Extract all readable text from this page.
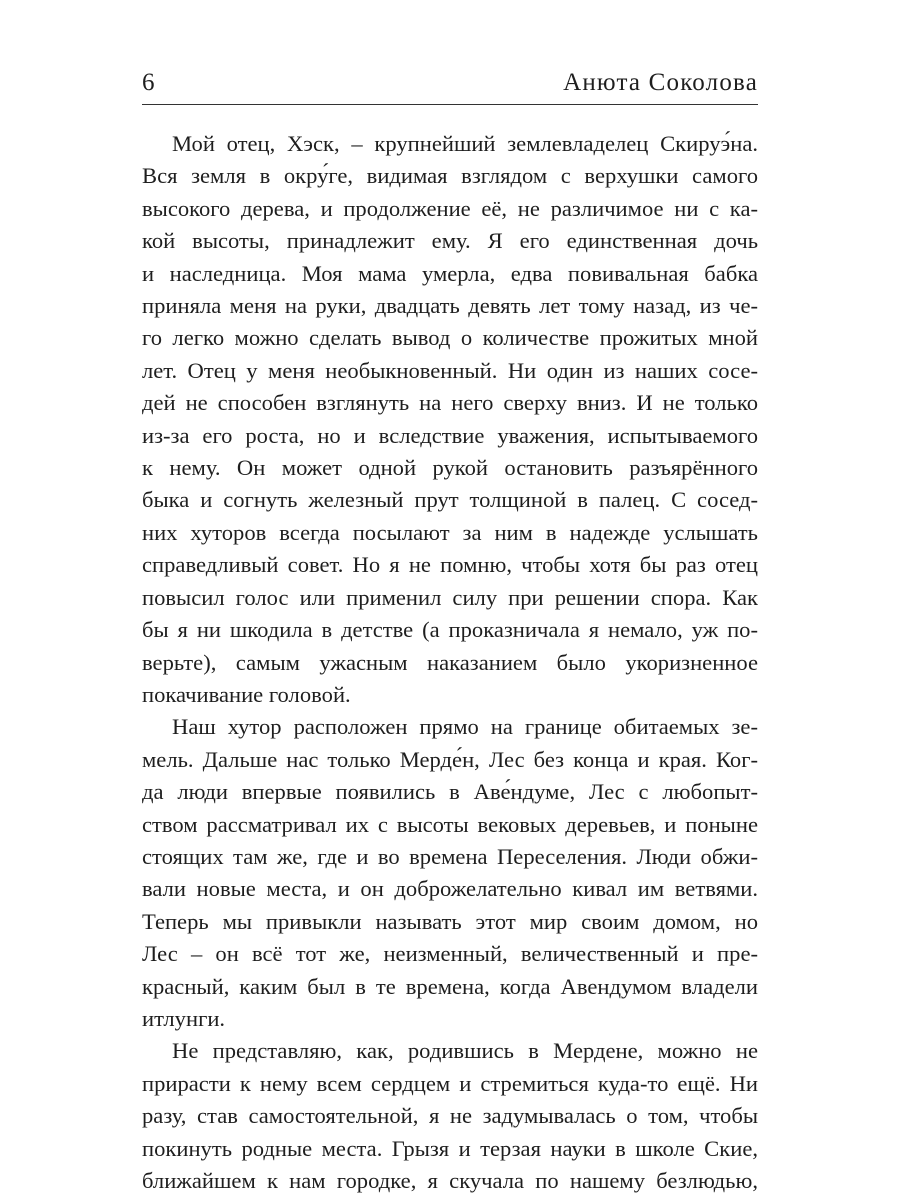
6	Анюта Соколова

Мой отец, Хэск, – крупнейший землевладелец Скируэ́на.
Вся земля в окру́ге, видимая взглядом с верхушки самого
высокого дерева, и продолжение её, не различимое ни с ка-
кой высоты, принадлежит ему. Я его единственная дочь
и наследница. Моя мама умерла, едва повивальная бабка
приняла меня на руки, двадцать девять лет тому назад, из че-
го легко можно сделать вывод о количестве прожитых мной
лет. Отец у меня необыкновенный. Ни один из наших сосе-
дей не способен взглянуть на него сверху вниз. И не только
из-за его роста, но и вследствие уважения, испытываемого
к нему. Он может одной рукой остановить разъярённого
быка и согнуть железный прут толщиной в палец. С сосед-
них хуторов всегда посылают за ним в надежде услышать
справедливый совет. Но я не помню, чтобы хотя бы раз отец
повысил голос или применил силу при решении спора. Как
бы я ни шкодила в детстве (а проказничала я немало, уж по-
верьте), самым ужасным наказанием было укоризненное
покачивание головой.

Наш хутор расположен прямо на границе обитаемых зе-
мель. Дальше нас только Мерде́н, Лес без конца и края. Ког-
да люди впервые появились в Аве́ндуме, Лес с любопыт-
ством рассматривал их с высоты вековых деревьев, и поныне
стоящих там же, где и во времена Переселения. Люди обжи-
вали новые места, и он доброжелательно кивал им ветвями.
Теперь мы привыкли называть этот мир своим домом, но
Лес – он всё тот же, неизменный, величественный и пре-
красный, каким был в те времена, когда Авендумом владели
итлунги.

Не представляю, как, родившись в Мердене, можно не
прирасти к нему всем сердцем и стремиться куда-то ещё. Ни
разу, став самостоятельной, я не задумывалась о том, чтобы
покинуть родные места. Грызя и терзая науки в школе Ские,
ближайшем к нам городке, я скучала по нашему безлюдью,
